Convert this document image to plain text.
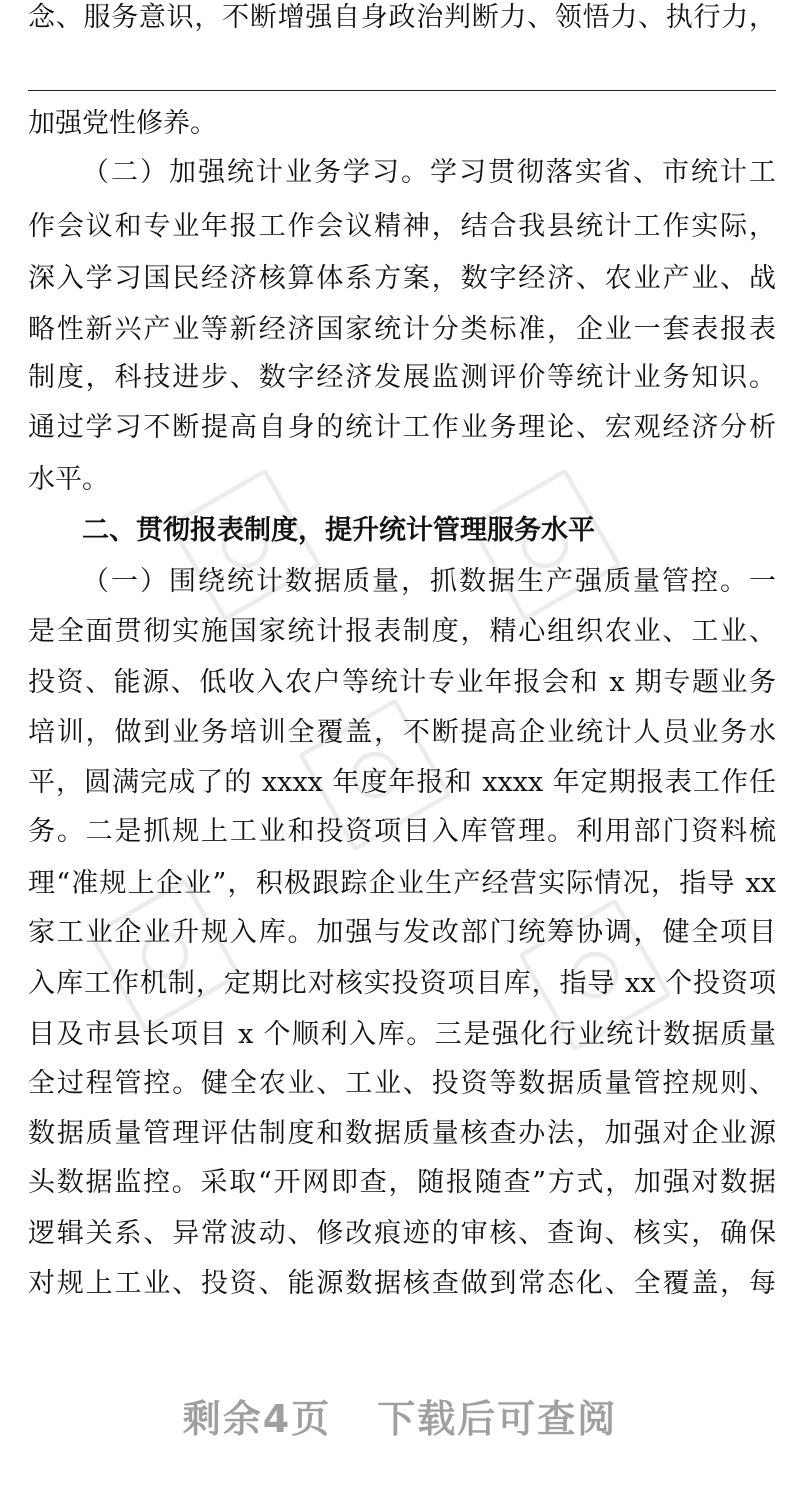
念、服务意识，不断增强自身政治判断力、领悟力、执行力，
加强党性修养。
（二）加强统计业务学习。学习贯彻落实省、市统计工
作会议和专业年报工作会议精神，结合我县统计工作实际，
深入学习国民经济核算体系方案，数字经济、农业产业、战
略性新兴产业等新经济国家统计分类标准，企业一套表报表
制度，科技进步、数字经济发展监测评价等统计业务知识。
通过学习不断提高自身的统计工作业务理论、宏观经济分析
水平。
二、贯彻报表制度，提升统计管理服务水平
（一）围绕统计数据质量，抓数据生产强质量管控。一
是全面贯彻实施国家统计报表制度，精心组织农业、工业、
投资、能源、低收入农户等统计专业年报会和 x 期专题业务
培训，做到业务培训全覆盖，不断提高企业统计人员业务水
平，圆满完成了的 xxxx 年度年报和 xxxx 年定期报表工作任
务。二是抓规上工业和投资项目入库管理。利用部门资料梳
理“准规上企业”，积极跟踪企业生产经营实际情况，指导 xx
家工业企业升规入库。加强与发改部门统筹协调，健全项目
入库工作机制，定期比对核实投资项目库，指导 xx 个投资项
目及市县长项目 x 个顺利入库。三是强化行业统计数据质量
全过程管控。健全农业、工业、投资等数据质量管控规则、
数据质量管理评估制度和数据质量核查办法，加强对企业源
头数据监控。采取“开网即查，随报随查”方式，加强对数据
逻辑关系、异常波动、修改痕迹的审核、查询、核实，确保
对规上工业、投资、能源数据核查做到常态化、全覆盖，每
剩余4页 下载后可查阅
